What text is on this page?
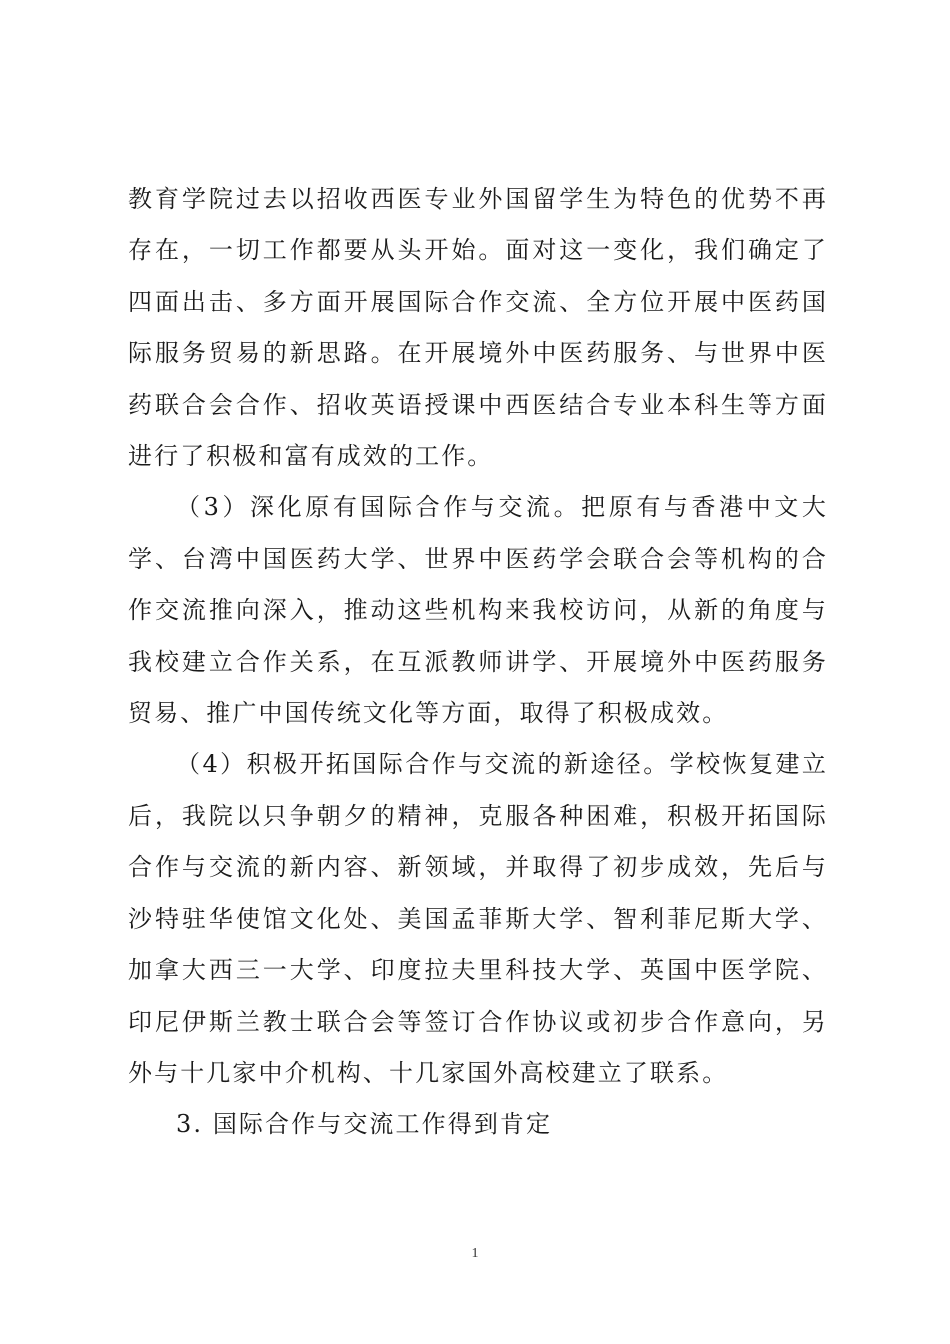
教育学院过去以招收西医专业外国留学生为特色的优势不再存在，一切工作都要从头开始。面对这一变化，我们确定了四面出击、多方面开展国际合作交流、全方位开展中医药国际服务贸易的新思路。在开展境外中医药服务、与世界中医药联合会合作、招收英语授课中西医结合专业本科生等方面进行了积极和富有成效的工作。

（3）深化原有国际合作与交流。把原有与香港中文大学、台湾中国医药大学、世界中医药学会联合会等机构的合作交流推向深入，推动这些机构来我校访问，从新的角度与我校建立合作关系，在互派教师讲学、开展境外中医药服务贸易、推广中国传统文化等方面，取得了积极成效。

（4）积极开拓国际合作与交流的新途径。学校恢复建立后，我院以只争朝夕的精神，克服各种困难，积极开拓国际合作与交流的新内容、新领域，并取得了初步成效，先后与沙特驻华使馆文化处、美国孟菲斯大学、智利菲尼斯大学、加拿大西三一大学、印度拉夫里科技大学、英国中医学院、印尼伊斯兰教士联合会等签订合作协议或初步合作意向，另外与十几家中介机构、十几家国外高校建立了联系。

3. 国际合作与交流工作得到肯定

1
